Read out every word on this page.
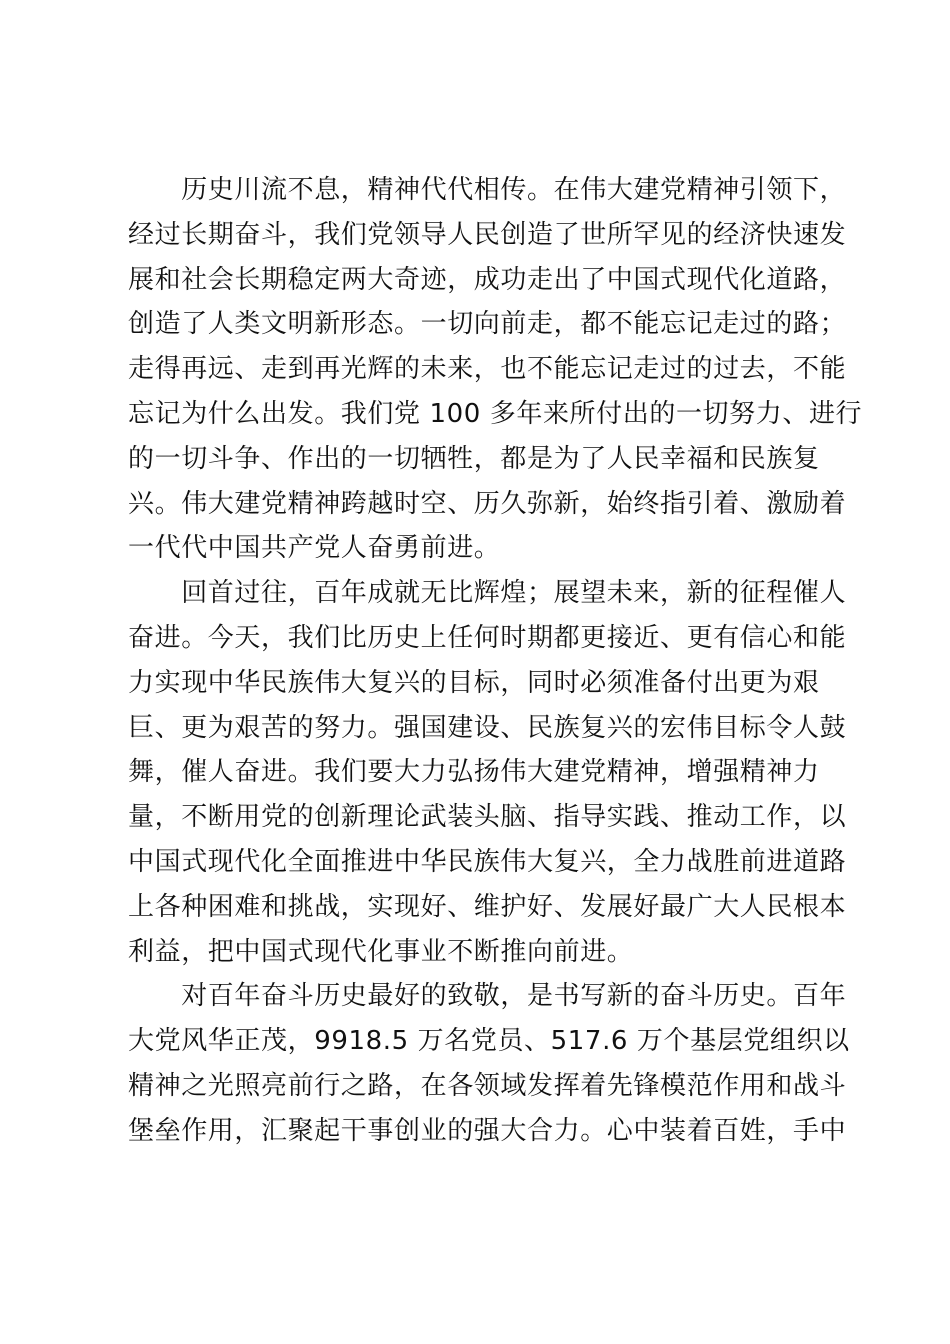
　　历史川流不息，精神代代相传。在伟大建党精神引领下，
经过长期奋斗，我们党领导人民创造了世所罕见的经济快速发
展和社会长期稳定两大奇迹，成功走出了中国式现代化道路，
创造了人类文明新形态。一切向前走，都不能忘记走过的路；
走得再远、走到再光辉的未来，也不能忘记走过的过去，不能
忘记为什么出发。我们党 100 多年来所付出的一切努力、进行
的一切斗争、作出的一切牺牲，都是为了人民幸福和民族复
兴。伟大建党精神跨越时空、历久弥新，始终指引着、激励着
一代代中国共产党人奋勇前进。

　　回首过往，百年成就无比辉煌；展望未来，新的征程催人
奋进。今天，我们比历史上任何时期都更接近、更有信心和能
力实现中华民族伟大复兴的目标，同时必须准备付出更为艰
巨、更为艰苦的努力。强国建设、民族复兴的宏伟目标令人鼓
舞，催人奋进。我们要大力弘扬伟大建党精神，增强精神力
量，不断用党的创新理论武装头脑、指导实践、推动工作，以
中国式现代化全面推进中华民族伟大复兴，全力战胜前进道路
上各种困难和挑战，实现好、维护好、发展好最广大人民根本
利益，把中国式现代化事业不断推向前进。

　　对百年奋斗历史最好的致敬，是书写新的奋斗历史。百年
大党风华正茂，9918.5 万名党员、517.6 万个基层党组织以
精神之光照亮前行之路，在各领域发挥着先锋模范作用和战斗
堡垒作用，汇聚起干事创业的强大合力。心中装着百姓，手中
